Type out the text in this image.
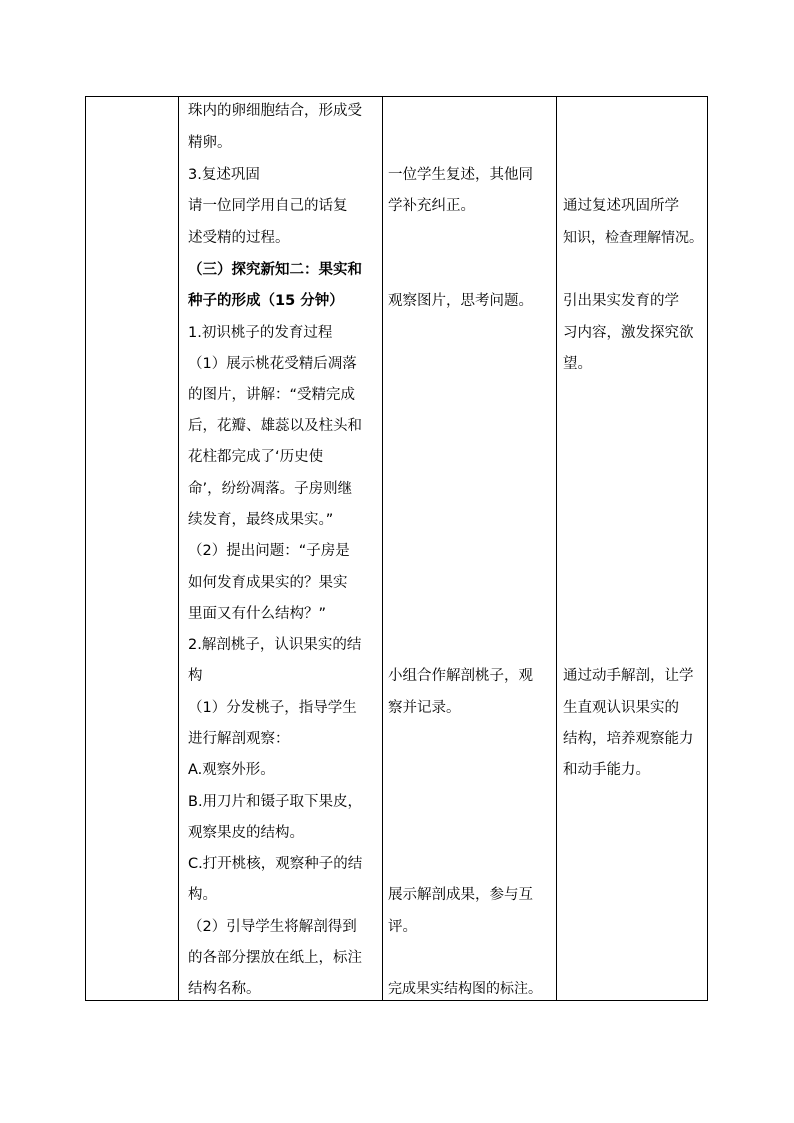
珠内的卵细胞结合，形成受
精卵。
3.复述巩固
请一位同学用自己的话复
述受精的过程。
（三）探究新知二：果实和
种子的形成（15 分钟）
1.初识桃子的发育过程
（1）展示桃花受精后凋落
的图片，讲解：“受精完成
后，花瓣、雄蕊以及柱头和
花柱都完成了‘历史使
命’，纷纷凋落。子房则继
续发育，最终成果实。”
（2）提出问题：“子房是
如何发育成果实的？果实
里面又有什么结构？”
2.解剖桃子，认识果实的结
构
（1）分发桃子，指导学生
进行解剖观察：
A.观察外形。
B.用刀片和镊子取下果皮，
观察果皮的结构。
C.打开桃核，观察种子的结
构。
（2）引导学生将解剖得到
的各部分摆放在纸上，标注
结构名称。
一位学生复述，其他同
学补充纠正。
观察图片，思考问题。
小组合作解剖桃子，观
察并记录。
展示解剖成果，参与互
评。
完成果实结构图的标注。
通过复述巩固所学
知识，检查理解情况。
引出果实发育的学
习内容，激发探究欲
望。
通过动手解剖，让学
生直观认识果实的
结构，培养观察能力
和动手能力。
